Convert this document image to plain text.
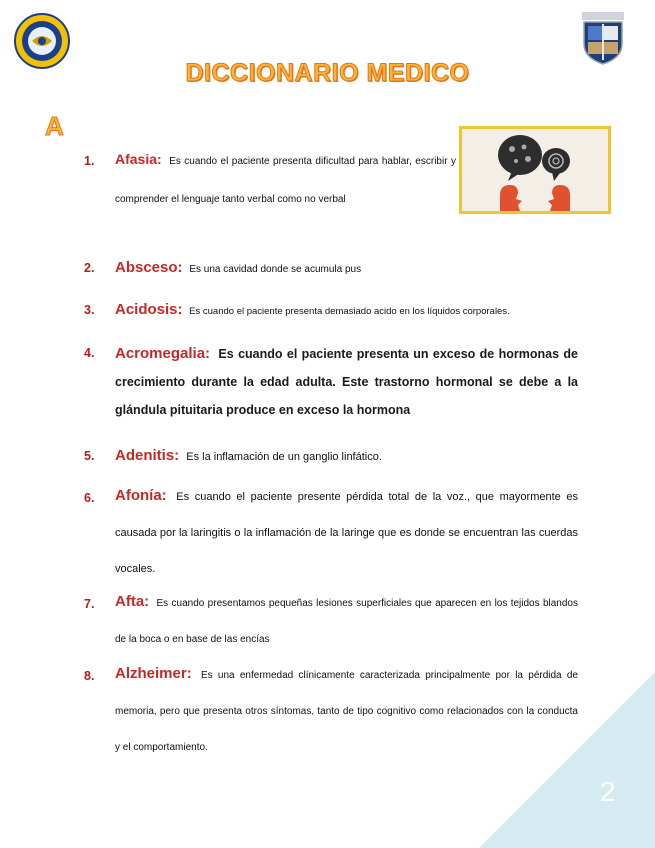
DICCIONARIO MEDICO
A
1. Afasia: Es cuando el paciente presenta dificultad para hablar, escribir y comprender el lenguaje tanto verbal como no verbal
2. Absceso: Es una cavidad donde se acumula pus
3. Acidosis: Es cuando el paciente presenta demasiado acido en los líquidos corporales.
4. Acromegalia: Es cuando el paciente presenta un exceso de hormonas de crecimiento durante la edad adulta. Este trastorno hormonal se debe a la glándula pituitaria produce en exceso la hormona
5. Adenitis: Es la inflamación de un ganglio linfático.
6. Afonía: Es cuando el paciente presente pérdida total de la voz., que mayormente es causada por la laringitis o la inflamación de la laringe que es donde se encuentran las cuerdas vocales.
7. Afta: Es cuando presentamos pequeñas lesiones superficiales que aparecen en los tejidos blandos de la boca o en base de las encías
8. Alzheimer: Es una enfermedad clínicamente caracterizada principalmente por la pérdida de memoria, pero que presenta otros síntomas, tanto de tipo cognitivo como relacionados con la conducta y el comportamiento.
2
